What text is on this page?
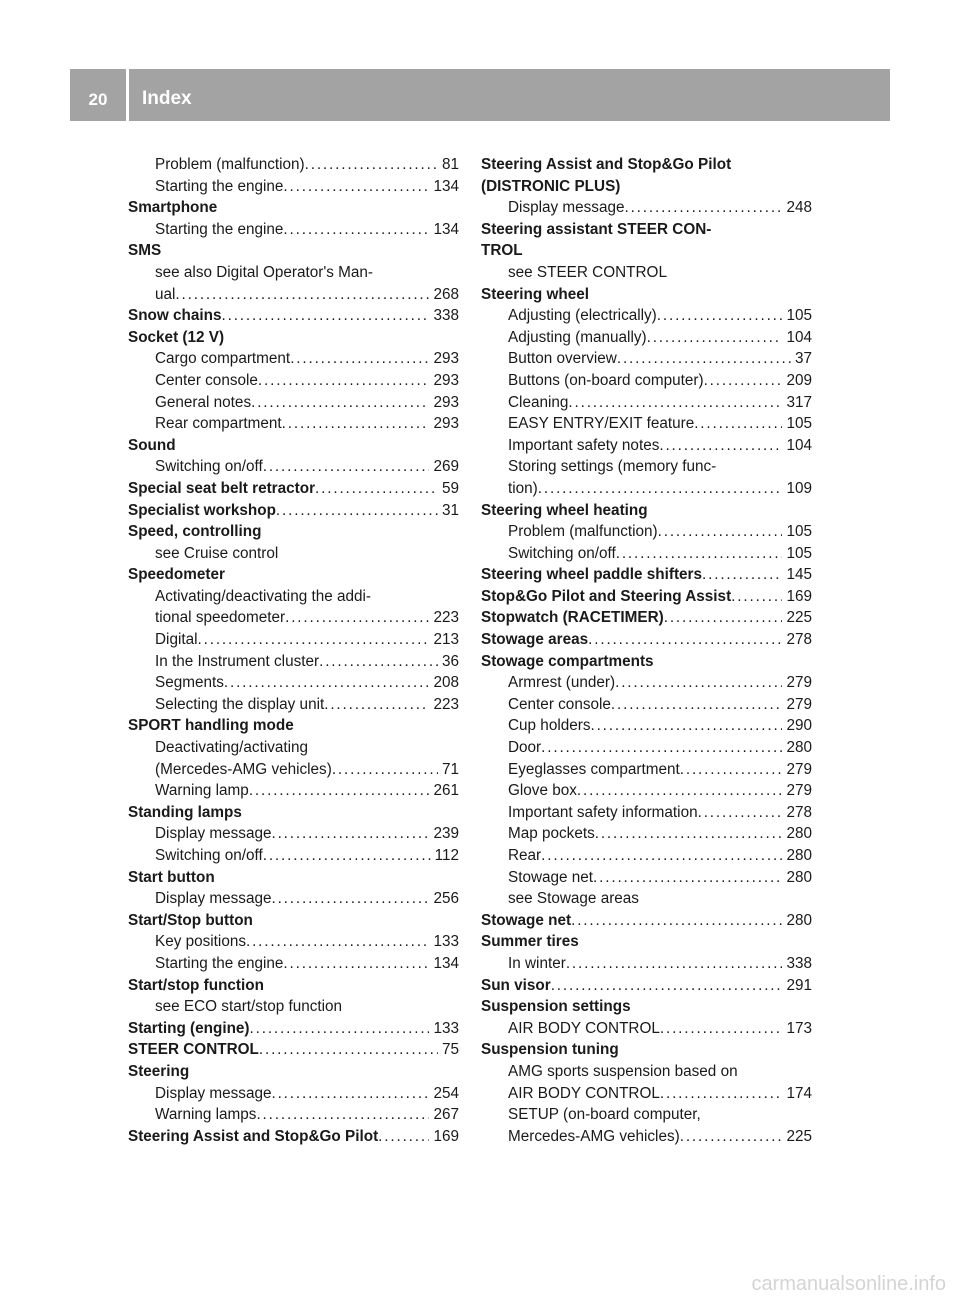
20	Index
Problem (malfunction) . . .	81
Starting the engine . . .	134
Smartphone
Starting the engine . . .	134
SMS
see also Digital Operator's Man-
ual . . .	268
Snow chains . . .	338
Socket (12 V)
Cargo compartment . . .	293
Center console . . .	293
General notes . . .	293
Rear compartment . . .	293
Sound
Switching on/off . . .	269
Special seat belt retractor . . .	59
Specialist workshop . . .	31
Speed, controlling
see Cruise control
Speedometer
Activating/deactivating the addi-
tional speedometer . . .	223
Digital . . .	213
In the Instrument cluster . . .	36
Segments . . .	208
Selecting the display unit . . .	223
SPORT handling mode
Deactivating/activating
(Mercedes-AMG vehicles) . . .	71
Warning lamp . . .	261
Standing lamps
Display message . . .	239
Switching on/off . . .	112
Start button
Display message . . .	256
Start/Stop button
Key positions . . .	133
Starting the engine . . .	134
Start/stop function
see ECO start/stop function
Starting (engine) . . .	133
STEER CONTROL . . .	75
Steering
Display message . . .	254
Warning lamps . . .	267
Steering Assist and Stop&Go Pilot . . .	169
Steering Assist and Stop&Go Pilot
(DISTRONIC PLUS)
Display message . . .	248
Steering assistant STEER CON-
TROL
see STEER CONTROL
Steering wheel
Adjusting (electrically) . . .	105
Adjusting (manually) . . .	104
Button overview . . .	37
Buttons (on-board computer) . . .	209
Cleaning . . .	317
EASY ENTRY/EXIT feature . . .	105
Important safety notes . . .	104
Storing settings (memory func-
tion) . . .	109
Steering wheel heating
Problem (malfunction) . . .	105
Switching on/off . . .	105
Steering wheel paddle shifters . . .	145
Stop&Go Pilot and Steering Assist . . .	169
Stopwatch (RACETIMER) . . .	225
Stowage areas . . .	278
Stowage compartments
Armrest (under) . . .	279
Center console . . .	279
Cup holders . . .	290
Door . . .	280
Eyeglasses compartment . . .	279
Glove box . . .	279
Important safety information . . .	278
Map pockets . . .	280
Rear . . .	280
Stowage net . . .	280
see Stowage areas
Stowage net . . .	280
Summer tires
In winter . . .	338
Sun visor . . .	291
Suspension settings
AIR BODY CONTROL . . .	173
Suspension tuning
AMG sports suspension based on
AIR BODY CONTROL . . .	174
SETUP (on-board computer,
Mercedes-AMG vehicles) . . .	225
carmanualsonline.info
